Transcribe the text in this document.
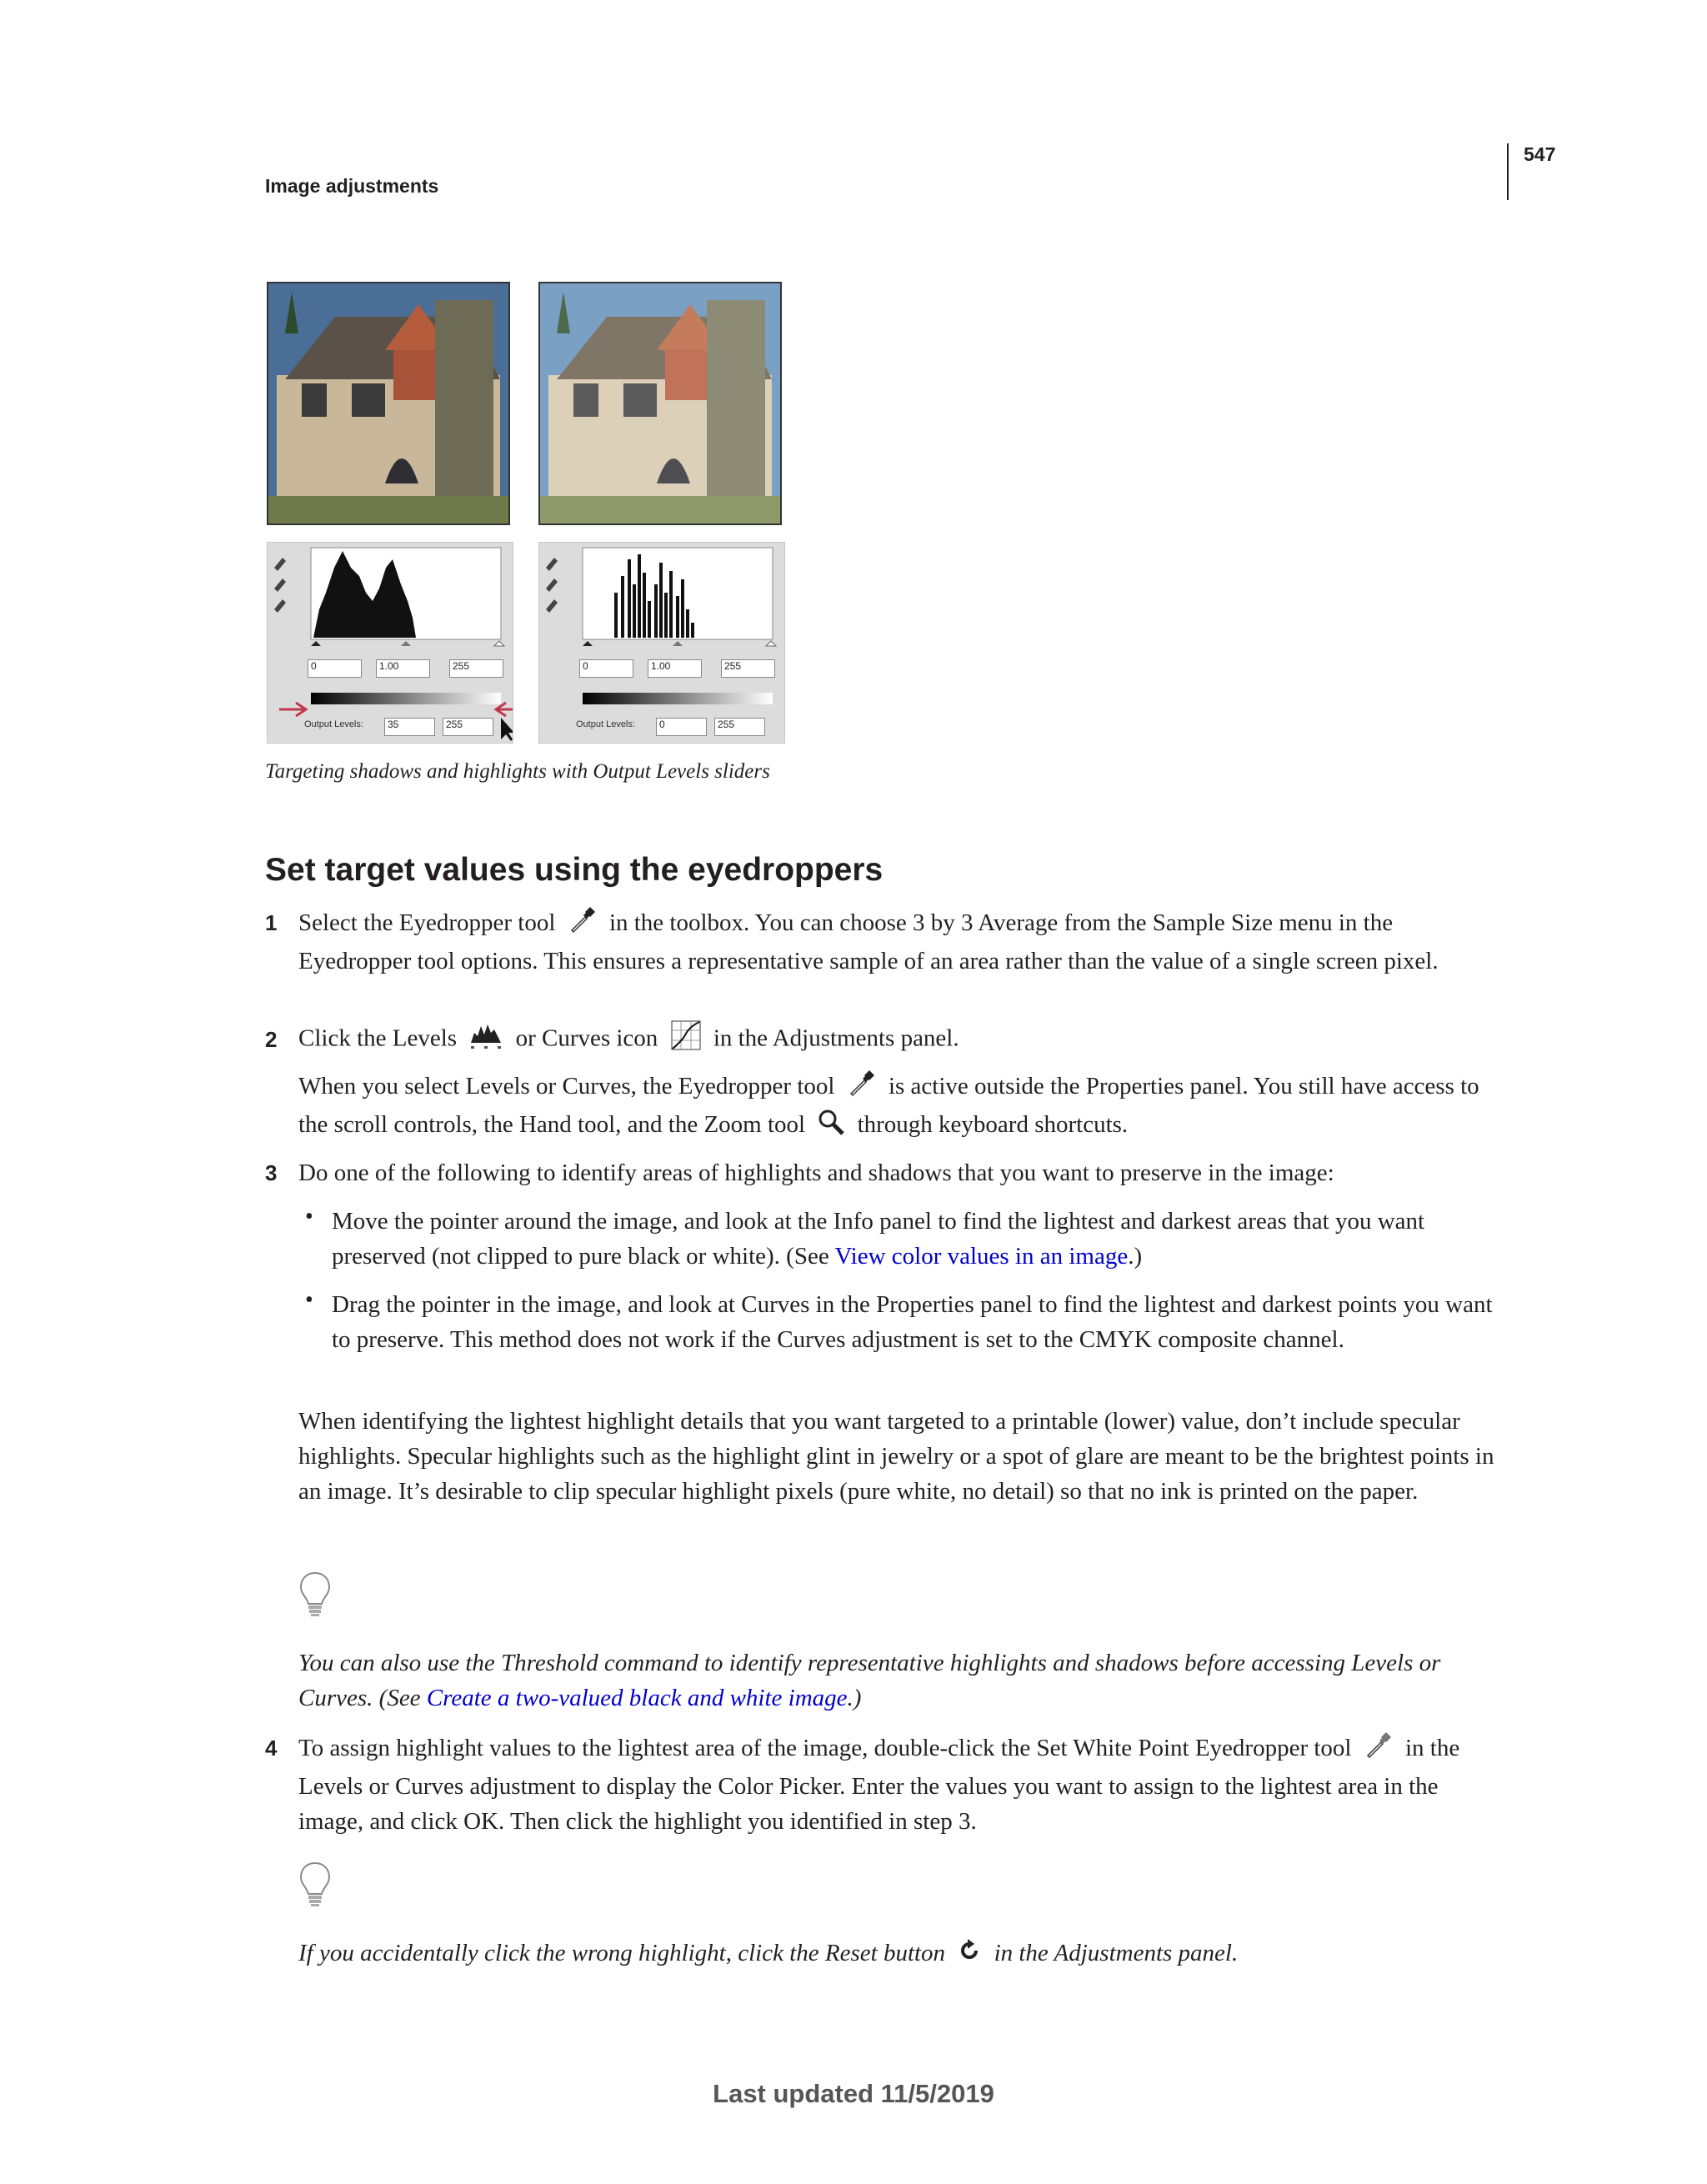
Image adjustments
547
0	1.00	255
Output Levels:	35	255
0	1.00	255
Output Levels:	0	255
Targeting shadows and highlights with Output Levels sliders
Set target values using the eyedroppers
1 Select the Eyedropper tool in the toolbox. You can choose 3 by 3 Average from the Sample Size menu in the Eyedropper tool options. This ensures a representative sample of an area rather than the value of a single screen pixel.

2 Click the Levels or Curves icon in the Adjustments panel.

When you select Levels or Curves, the Eyedropper tool is active outside the Properties panel. You still have access to the scroll controls, the Hand tool, and the Zoom tool through keyboard shortcuts.

3 Do one of the following to identify areas of highlights and shadows that you want to preserve in the image:

• Move the pointer around the image, and look at the Info panel to find the lightest and darkest areas that you want preserved (not clipped to pure black or white). (See View color values in an image.)

• Drag the pointer in the image, and look at Curves in the Properties panel to find the lightest and darkest points you want to preserve. This method does not work if the Curves adjustment is set to the CMYK composite channel.

When identifying the lightest highlight details that you want targeted to a printable (lower) value, don’t include specular highlights. Specular highlights such as the highlight glint in jewelry or a spot of glare are meant to be the brightest points in an image. It’s desirable to clip specular highlight pixels (pure white, no detail) so that no ink is printed on the paper.

You can also use the Threshold command to identify representative highlights and shadows before accessing Levels or Curves. (See Create a two-valued black and white image.)

4 To assign highlight values to the lightest area of the image, double-click the Set White Point Eyedropper tool in the Levels or Curves adjustment to display the Color Picker. Enter the values you want to assign to the lightest area in the image, and click OK. Then click the highlight you identified in step 3.

If you accidentally click the wrong highlight, click the Reset button in the Adjustments panel.

Last updated 11/5/2019
